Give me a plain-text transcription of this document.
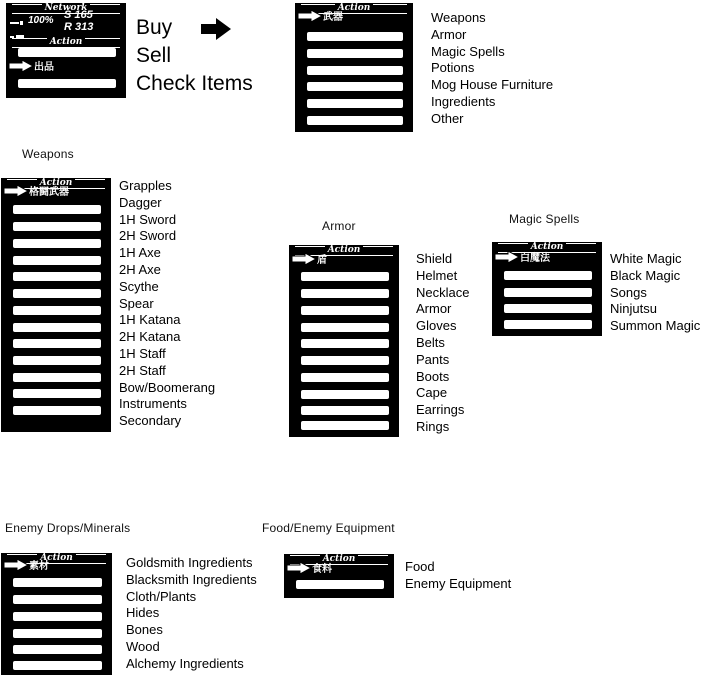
Network
100% S 165
R 313
Action
出品
Buy
Sell
Check Items
Action
武器	Weapons
Armor
Magic Spells
Potions
Mog House Furniture
Ingredients
Other
Weapons
Action
格闘武器	Grapples
Dagger
1H Sword
2H Sword
1H Axe
2H Axe
Scythe
Spear
1H Katana
2H Katana
1H Staff
2H Staff
Bow/Boomerang
Instruments
Secondary
Armor
Action
盾	Shield
Helmet
Necklace
Armor
Gloves
Belts
Pants
Boots
Cape
Earrings
Rings
Magic Spells
Action
白魔法	White Magic
Black Magic
Songs
Ninjutsu
Summon Magic
Enemy Drops/Minerals
Action
素材	Goldsmith Ingredients
Blacksmith Ingredients
Cloth/Plants
Hides
Bones
Wood
Alchemy Ingredients
Food/Enemy Equipment
Action
食料	Food
Enemy Equipment
